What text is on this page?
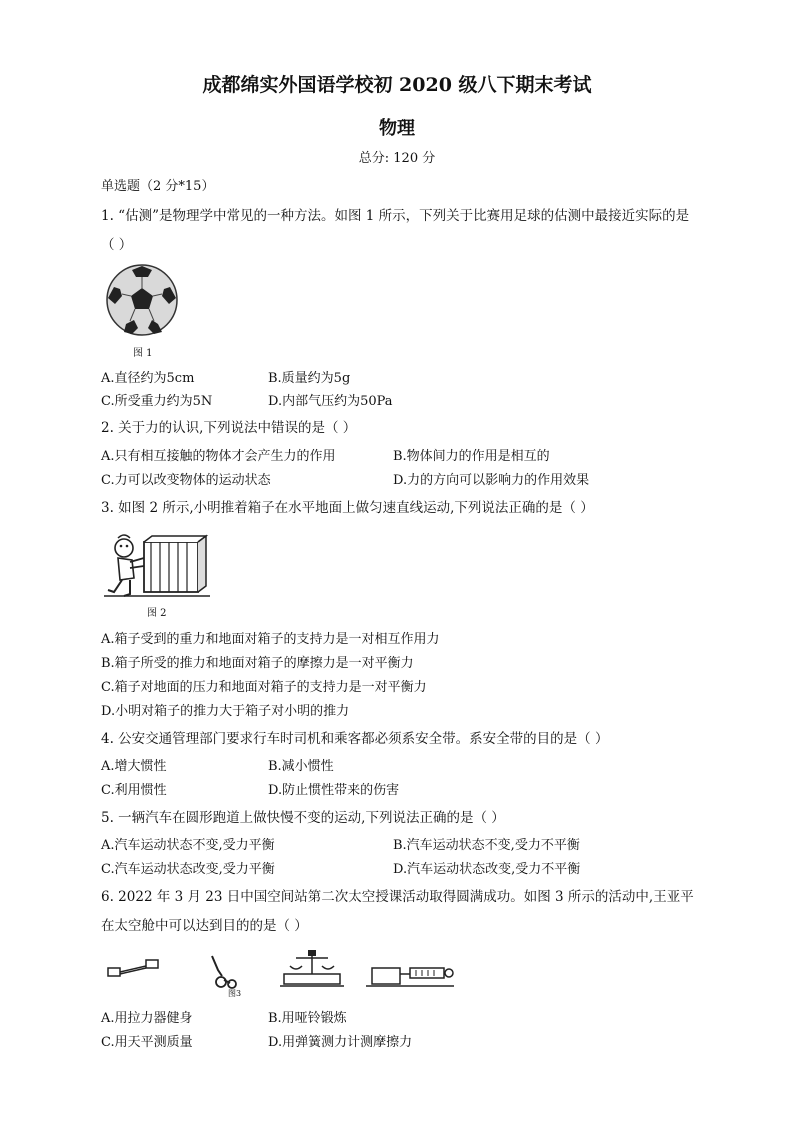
成都绵实外国语学校初 2020 级八下期末考试
物理
总分: 120 分
单选题（2 分*15）
1. “估测”是物理学中常见的一种方法。如图 1 所示，下列关于比赛用足球的估测中最接近实际的是
（ ）
图 1
A.直径约为5cm	B.质量约为5g
C.所受重力约为5N	D.内部气压约为50Pa
2. 关于力的认识,下列说法中错误的是（ ）
A.只有相互接触的物体才会产生力的作用	B.物体间力的作用是相互的
C.力可以改变物体的运动状态	D.力的方向可以影响力的作用效果
3. 如图 2 所示,小明推着箱子在水平地面上做匀速直线运动,下列说法正确的是（ ）
图 2
A.箱子受到的重力和地面对箱子的支持力是一对相互作用力
B.箱子所受的推力和地面对箱子的摩擦力是一对平衡力
C.箱子对地面的压力和地面对箱子的支持力是一对平衡力
D.小明对箱子的推力大于箱子对小明的推力
4. 公安交通管理部门要求行车时司机和乘客都必须系安全带。系安全带的目的是（ ）
A.增大惯性	B.减小惯性
C.利用惯性	D.防止惯性带来的伤害
5. 一辆汽车在圆形跑道上做快慢不变的运动,下列说法正确的是（ ）
A.汽车运动状态不变,受力平衡	B.汽车运动状态不变,受力不平衡
C.汽车运动状态改变,受力平衡	D.汽车运动状态改变,受力不平衡
6. 2022 年 3 月 23 日中国空间站第二次太空授课活动取得圆满成功。如图 3 所示的活动中,王亚平
在太空舱中可以达到目的的是（ ）
图3
A.用拉力器健身	B.用哑铃锻炼
C.用天平测质量	D.用弹簧测力计测摩擦力
